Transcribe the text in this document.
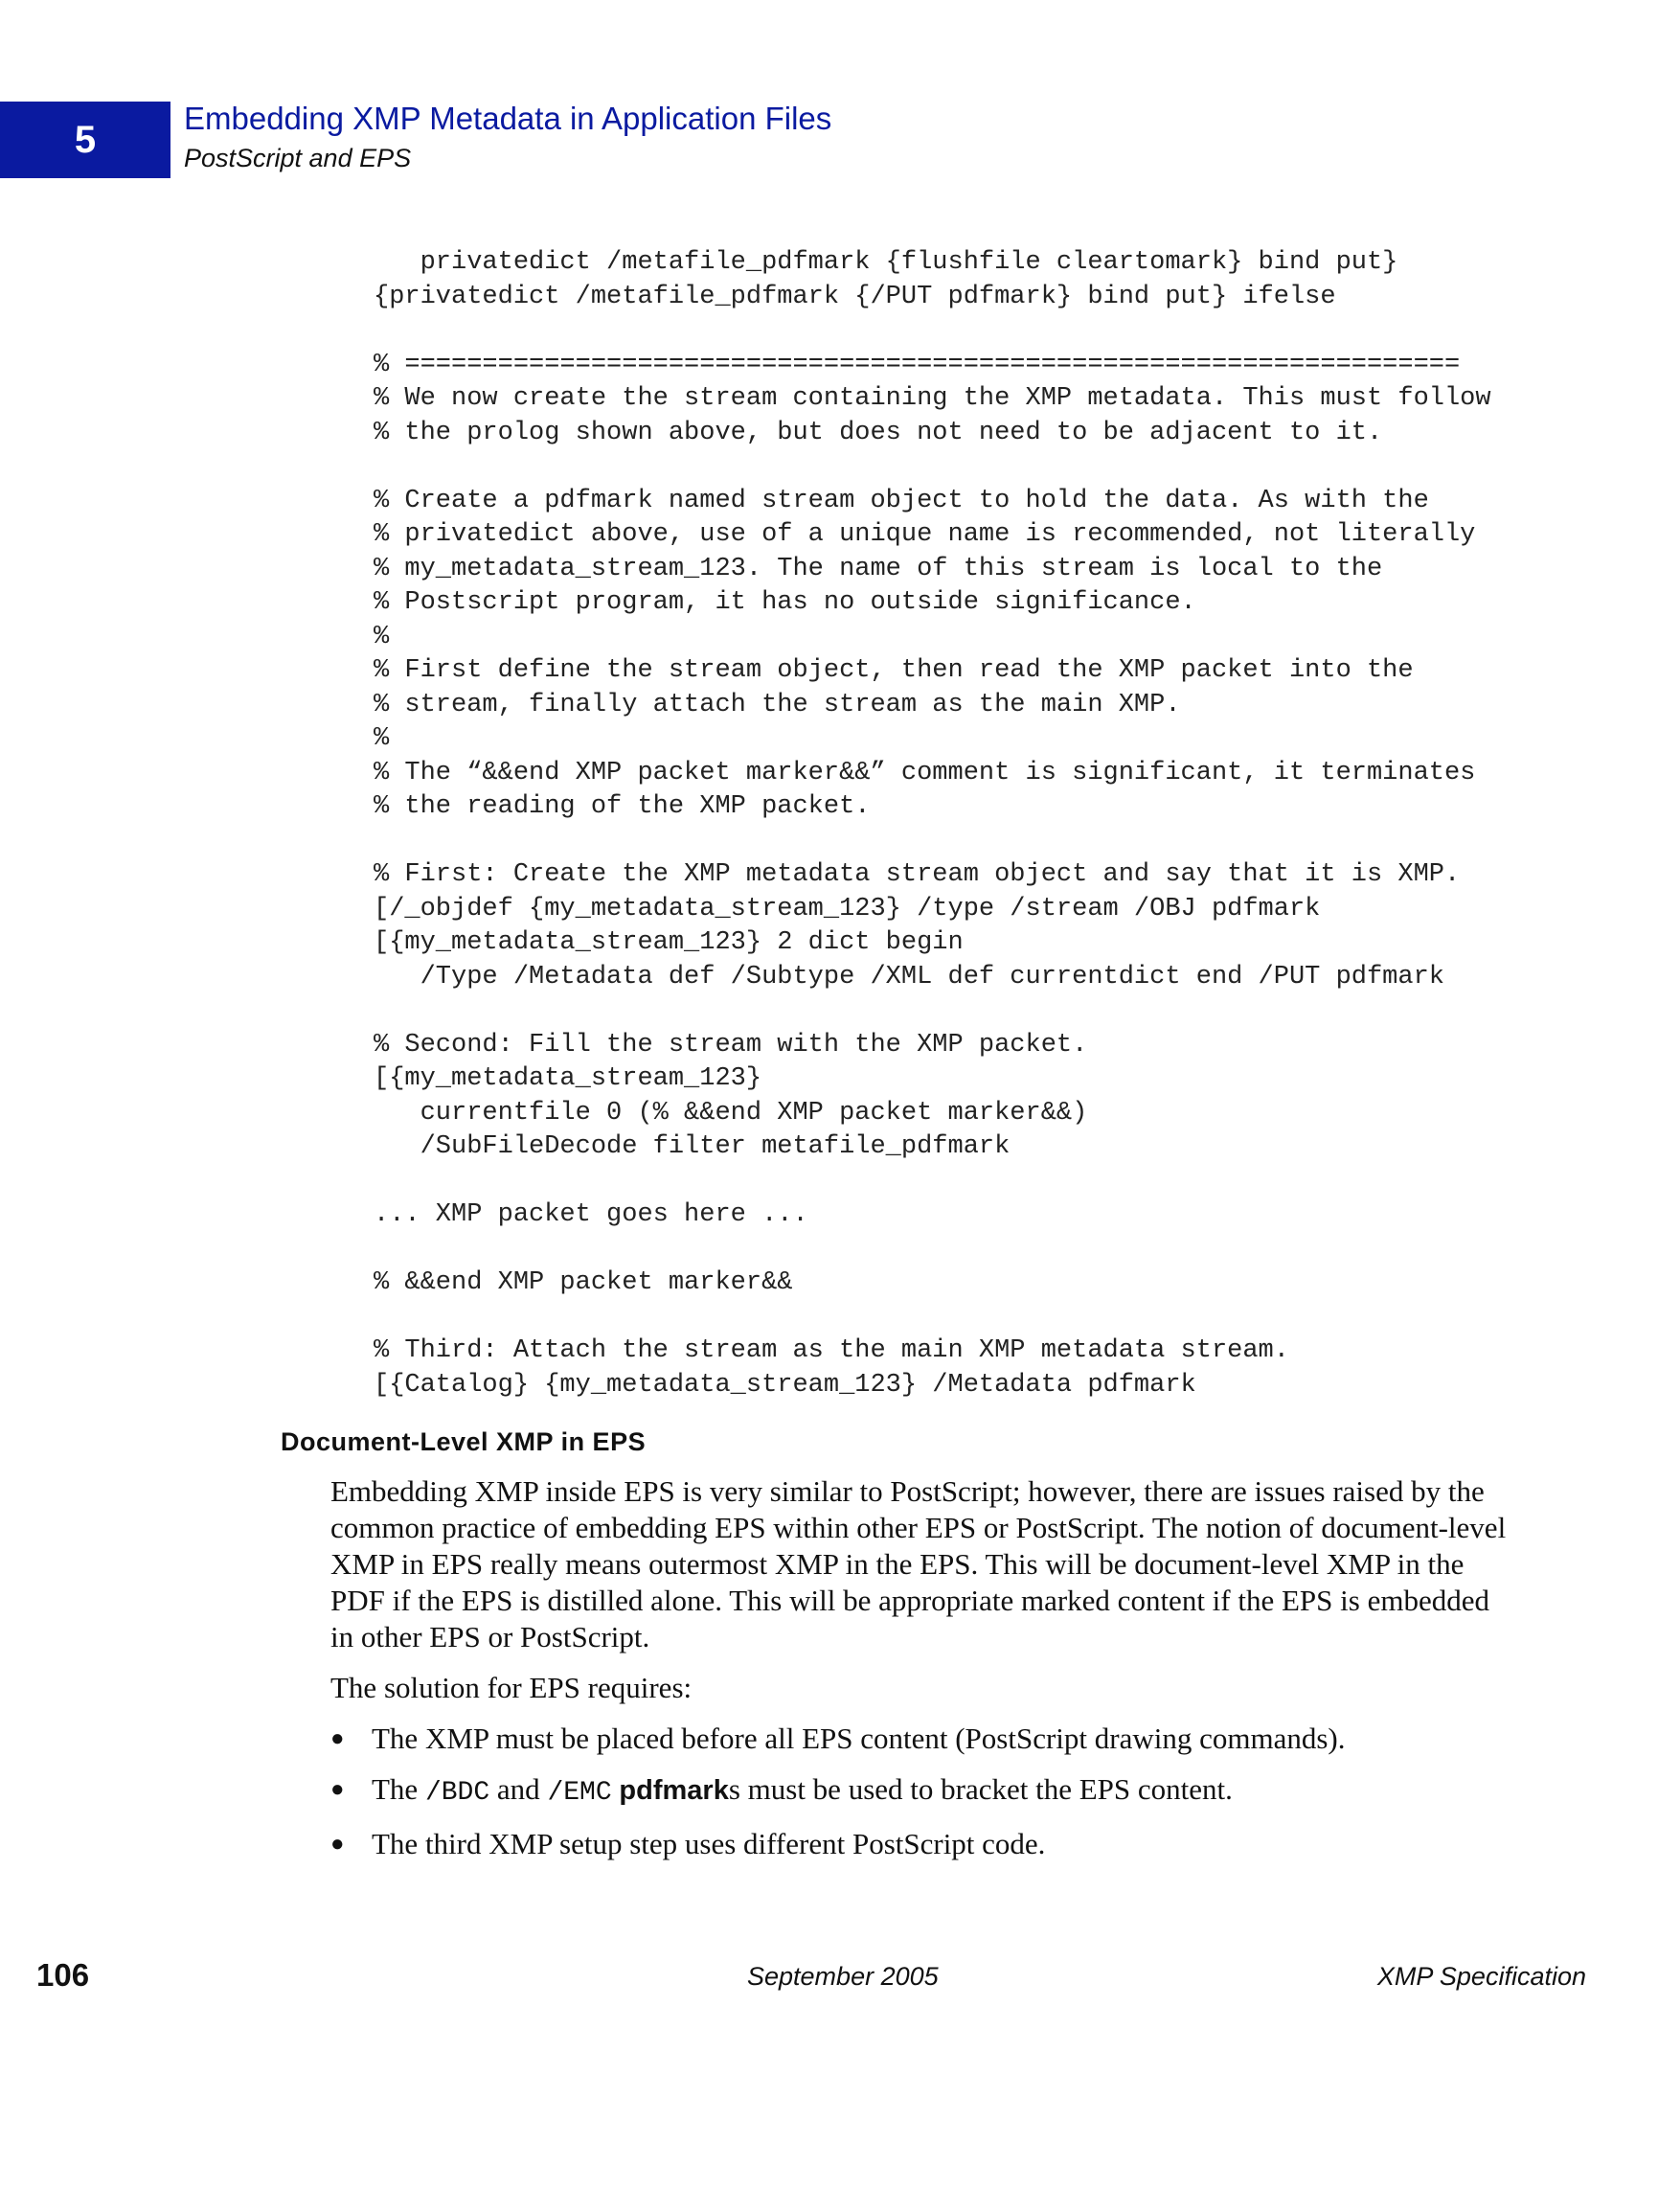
5	Embedding XMP Metadata in Application Files
PostScript and EPS
privatedict /metafile_pdfmark {flushfile cleartomark} bind put}
{privatedict /metafile_pdfmark {/PUT pdfmark} bind put} ifelse
% ====================================================================
% We now create the stream containing the XMP metadata. This must follow
% the prolog shown above, but does not need to be adjacent to it.
% Create a pdfmark named stream object to hold the data. As with the
% privatedict above, use of a unique name is recommended, not literally
% my_metadata_stream_123. The name of this stream is local to the
% Postscript program, it has no outside significance.
%
% First define the stream object, then read the XMP packet into the
% stream, finally attach the stream as the main XMP.
%
% The “&&end XMP packet marker&&” comment is significant, it terminates
% the reading of the XMP packet.
% First: Create the XMP metadata stream object and say that it is XMP.
[/_objdef {my_metadata_stream_123} /type /stream /OBJ pdfmark
[{my_metadata_stream_123} 2 dict begin
/Type /Metadata def /Subtype /XML def currentdict end /PUT pdfmark
% Second: Fill the stream with the XMP packet.
[{my_metadata_stream_123}
currentfile 0 (% &&end XMP packet marker&&)
/SubFileDecode filter metafile_pdfmark
... XMP packet goes here ...
% &&end XMP packet marker&&
% Third: Attach the stream as the main XMP metadata stream.
[{Catalog} {my_metadata_stream_123} /Metadata pdfmark
Document-Level XMP in EPS

Embedding XMP inside EPS is very similar to PostScript; however, there are issues raised by the common practice of embedding EPS within other EPS or PostScript. The notion of document-level XMP in EPS really means outermost XMP in the EPS. This will be document-level XMP in the PDF if the EPS is distilled alone. This will be appropriate marked content if the EPS is embedded in other EPS or PostScript.

The solution for EPS requires:

● The XMP must be placed before all EPS content (PostScript drawing commands).
● The /BDC and /EMC pdfmarks must be used to bracket the EPS content.
● The third XMP setup step uses different PostScript code.
106	September 2005	XMP Specification
